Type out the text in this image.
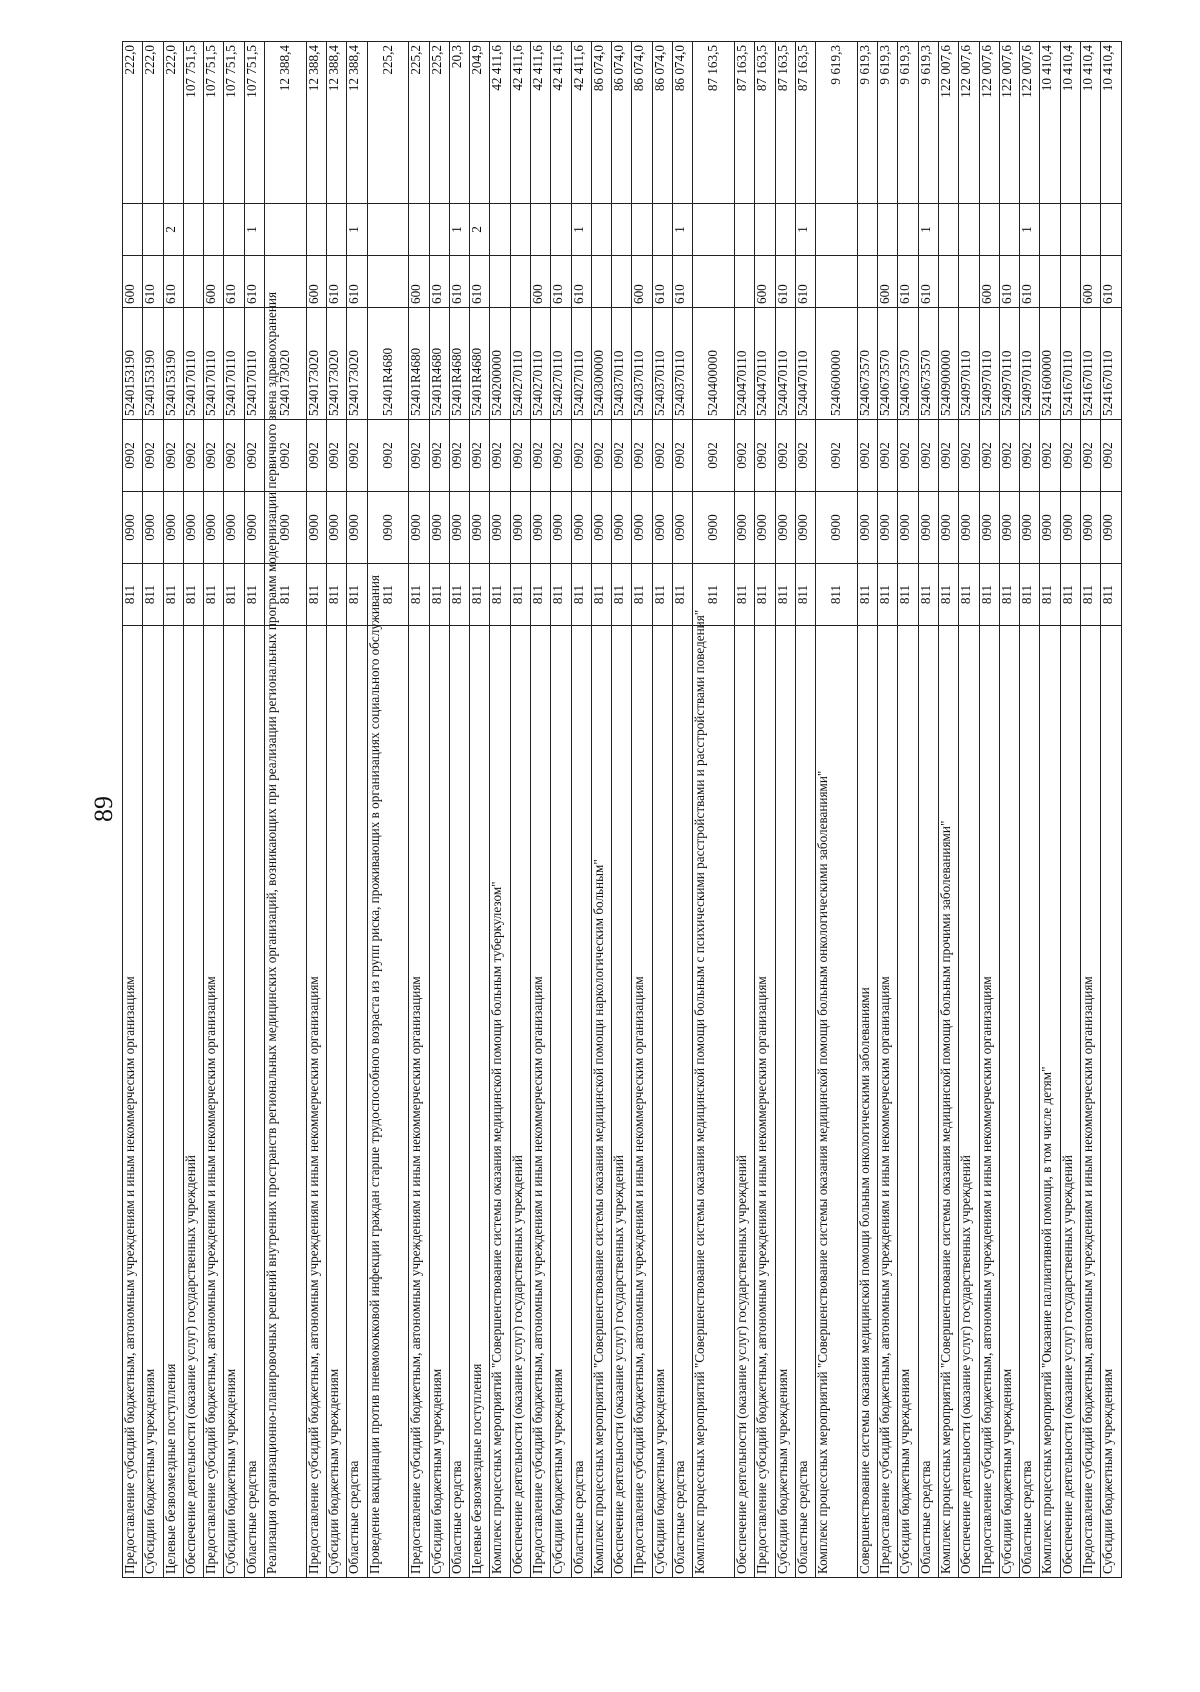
89
Предоставление субсидий бюджетным, автономным учреждениям и иным некоммерческим организациям	811	0900	0902	5240153190	600		222,0
Субсидии бюджетным учреждениям	811	0900	0902	5240153190	610		222,0
Целевые безвозмездные поступления	811	0900	0902	5240153190	610	2	222,0
Обеспечение деятельности (оказание услуг) государственных учреждений	811	0900	0902	5240170110			107 751,5
Предоставление субсидий бюджетным, автономным учреждениям и иным некоммерческим организациям	811	0900	0902	5240170110	600		107 751,5
Субсидии бюджетным учреждениям	811	0900	0902	5240170110	610		107 751,5
Областные средства	811	0900	0902	5240170110	610	1	107 751,5
Реализация организационно-планировочных решений внутренних пространств региональных медицинских организаций, возникающих при реализации региональных программ модернизации первичного звена здравоохранения	811	0900	0902	5240173020			12 388,4
Предоставление субсидий бюджетным, автономным учреждениям и иным некоммерческим организациям	811	0900	0902	5240173020	600		12 388,4
Субсидии бюджетным учреждениям	811	0900	0902	5240173020	610		12 388,4
Областные средства	811	0900	0902	5240173020	610	1	12 388,4
Проведение вакцинации против пневмококковой инфекции граждан старше трудоспособного возраста из групп риска, проживающих в организациях социального обслуживания	811	0900	0902	52401R4680			225,2
Предоставление субсидий бюджетным, автономным учреждениям и иным некоммерческим организациям	811	0900	0902	52401R4680	600		225,2
Субсидии бюджетным учреждениям	811	0900	0902	52401R4680	610		225,2
Областные средства	811	0900	0902	52401R4680	610	1	20,3
Целевые безвозмездные поступления	811	0900	0902	52401R4680	610	2	204,9
Комплекс процессных мероприятий "Совершенствование системы оказания медицинской помощи больным туберкулезом"	811	0900	0902	5240200000			42 411,6
Обеспечение деятельности (оказание услуг) государственных учреждений	811	0900	0902	5240270110			42 411,6
Предоставление субсидий бюджетным, автономным учреждениям и иным некоммерческим организациям	811	0900	0902	5240270110	600		42 411,6
Субсидии бюджетным учреждениям	811	0900	0902	5240270110	610		42 411,6
Областные средства	811	0900	0902	5240270110	610	1	42 411,6
Комплекс процессных мероприятий "Совершенствование системы оказания медицинской помощи наркологическим больным"	811	0900	0902	5240300000			86 074,0
Обеспечение деятельности (оказание услуг) государственных учреждений	811	0900	0902	5240370110			86 074,0
Предоставление субсидий бюджетным, автономным учреждениям и иным некоммерческим организациям	811	0900	0902	5240370110	600		86 074,0
Субсидии бюджетным учреждениям	811	0900	0902	5240370110	610		86 074,0
Областные средства	811	0900	0902	5240370110	610	1	86 074,0
Комплекс процессных мероприятий "Совершенствование системы оказания медицинской помощи больным с психическими расстройствами и расстройствами поведения"	811	0900	0902	5240400000			87 163,5
Обеспечение деятельности (оказание услуг) государственных учреждений	811	0900	0902	5240470110			87 163,5
Предоставление субсидий бюджетным, автономным учреждениям и иным некоммерческим организациям	811	0900	0902	5240470110	600		87 163,5
Субсидии бюджетным учреждениям	811	0900	0902	5240470110	610		87 163,5
Областные средства	811	0900	0902	5240470110	610	1	87 163,5
Комплекс процессных мероприятий "Совершенствование системы оказания медицинской помощи больным онкологическими заболеваниями"	811	0900	0902	5240600000			9 619,3
Совершенствование системы оказания медицинской помощи больным онкологическими заболеваниями	811	0900	0902	5240673570			9 619,3
Предоставление субсидий бюджетным, автономным учреждениям и иным некоммерческим организациям	811	0900	0902	5240673570	600		9 619,3
Субсидии бюджетным учреждениям	811	0900	0902	5240673570	610		9 619,3
Областные средства	811	0900	0902	5240673570	610	1	9 619,3
Комплекс процессных мероприятий "Совершенствование системы оказания медицинской помощи больным прочими заболеваниями"	811	0900	0902	5240900000			122 007,6
Обеспечение деятельности (оказание услуг) государственных учреждений	811	0900	0902	5240970110			122 007,6
Предоставление субсидий бюджетным, автономным учреждениям и иным некоммерческим организациям	811	0900	0902	5240970110	600		122 007,6
Субсидии бюджетным учреждениям	811	0900	0902	5240970110	610		122 007,6
Областные средства	811	0900	0902	5240970110	610	1	122 007,6
Комплекс процессных мероприятий "Оказание паллиативной помощи, в том числе детям"	811	0900	0902	5241600000			10 410,4
Обеспечение деятельности (оказание услуг) государственных учреждений	811	0900	0902	5241670110			10 410,4
Предоставление субсидий бюджетным, автономным учреждениям и иным некоммерческим организациям	811	0900	0902	5241670110	600		10 410,4
Субсидии бюджетным учреждениям	811	0900	0902	5241670110	610		10 410,4
